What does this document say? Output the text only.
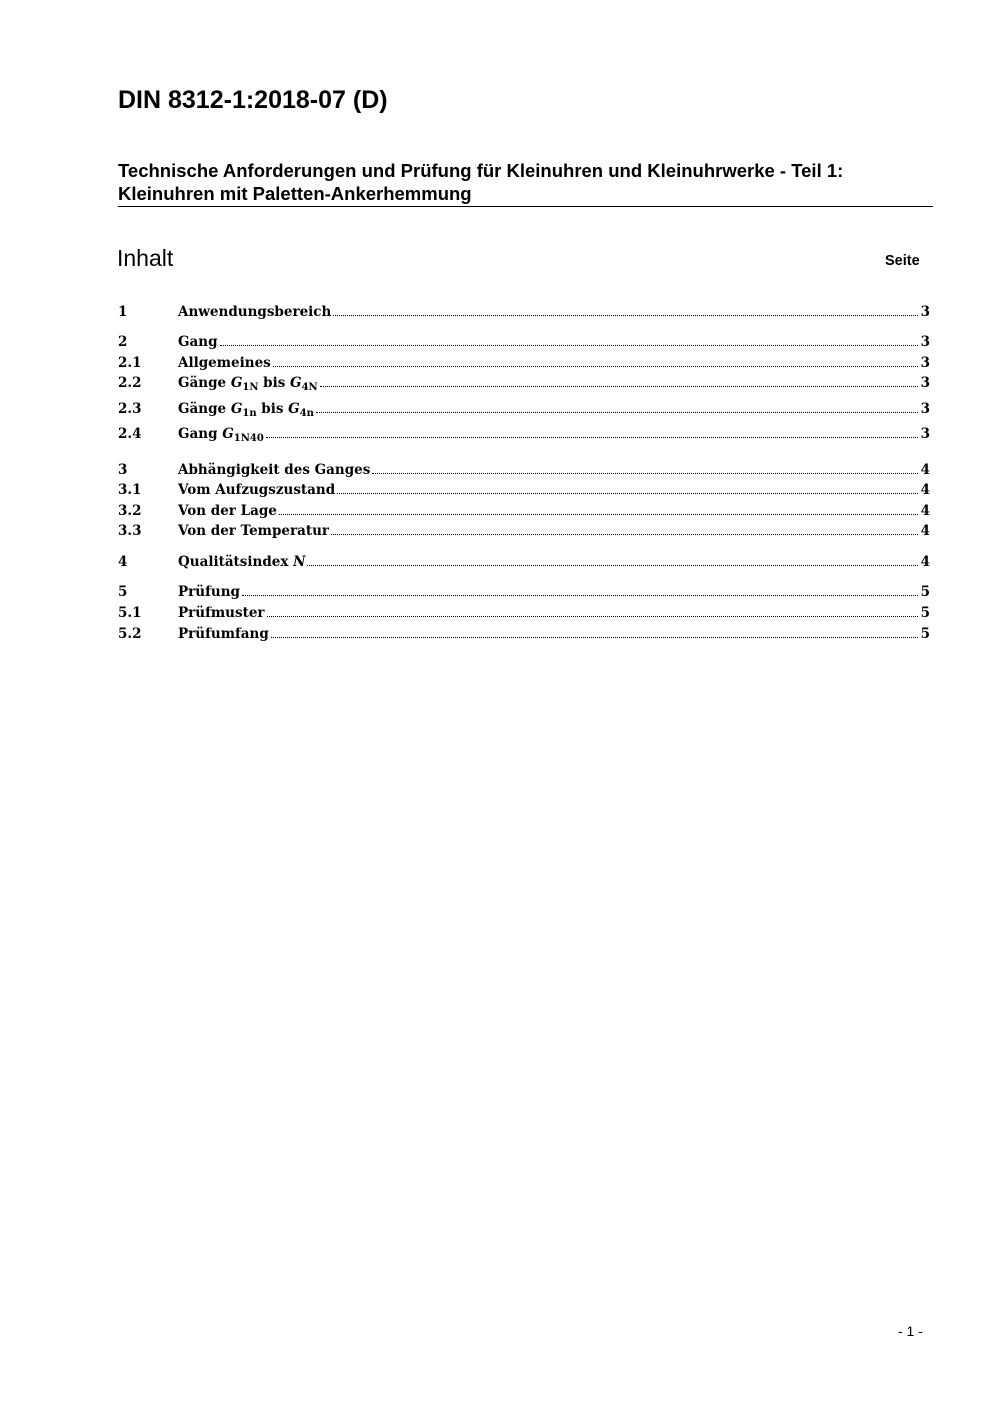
DIN 8312-1:2018-07 (D)
Technische Anforderungen und Prüfung für Kleinuhren und Kleinuhrwerke - Teil 1:
Kleinuhren mit Paletten-Ankerhemmung
Inhalt	Seite
1	Anwendungsbereich	3
2	Gang	3
2.1	Allgemeines	3
2.2	Gänge $G_{1N}$ bis $G_{4N}$	3
2.3	Gänge $G_{1n}$ bis $G_{4n}$	3
2.4	Gang $G_{1N40}$	3
3	Abhängigkeit des Ganges	4
3.1	Vom Aufzugszustand	4
3.2	Von der Lage	4
3.3	Von der Temperatur	4
4	Qualitätsindex N	4
5	Prüfung	5
5.1	Prüfmuster	5
5.2	Prüfumfang	5
- 1 -
